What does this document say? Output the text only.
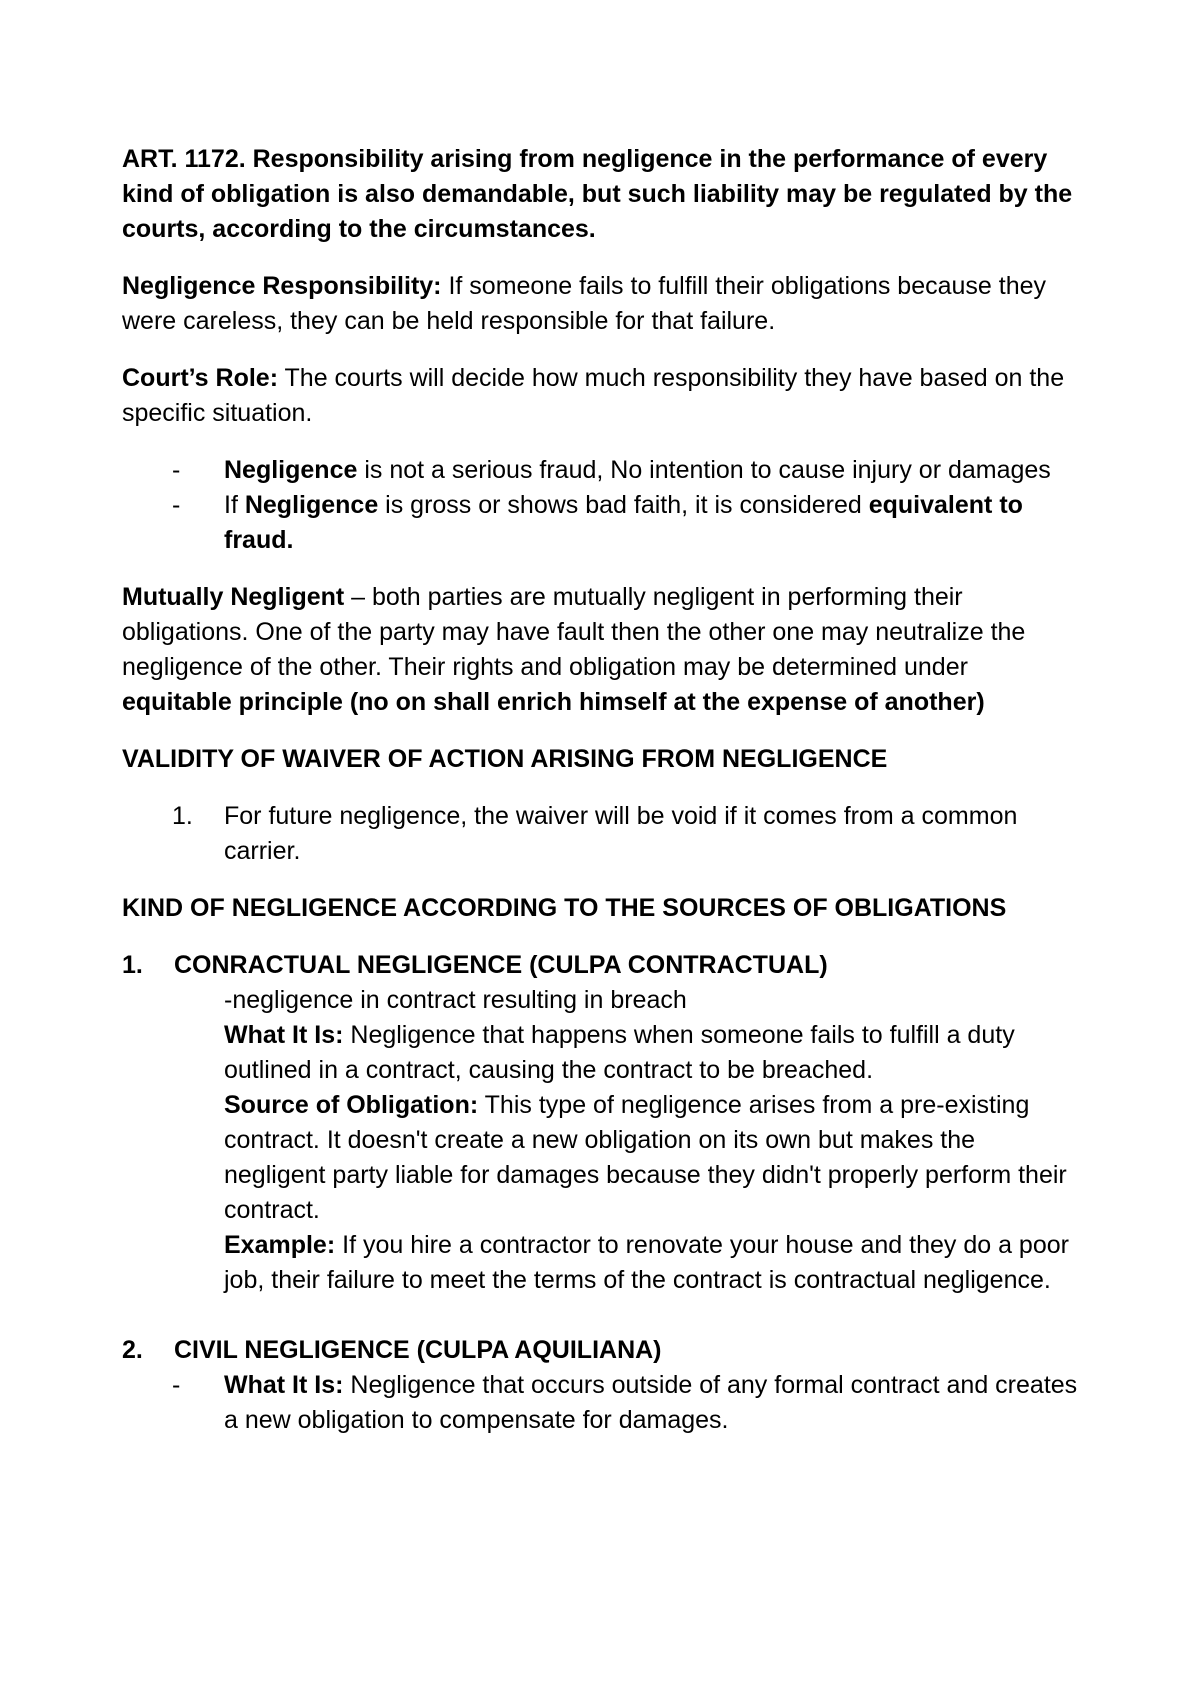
ART. 1172. Responsibility arising from negligence in the performance of every kind of obligation is also demandable, but such liability may be regulated by the courts, according to the circumstances.

Negligence Responsibility: If someone fails to fulfill their obligations because they were careless, they can be held responsible for that failure.

Court’s Role: The courts will decide how much responsibility they have based on the specific situation.

- Negligence is not a serious fraud, No intention to cause injury or damages
- If Negligence is gross or shows bad faith, it is considered equivalent to fraud.

Mutually Negligent – both parties are mutually negligent in performing their obligations. One of the party may have fault then the other one may neutralize the negligence of the other. Their rights and obligation may be determined under equitable principle (no on shall enrich himself at the expense of another)

VALIDITY OF WAIVER OF ACTION ARISING FROM NEGLIGENCE
1. For future negligence, the waiver will be void if it comes from a common carrier.
KIND OF NEGLIGENCE ACCORDING TO THE SOURCES OF OBLIGATIONS
1. CONRACTUAL NEGLIGENCE (CULPA CONTRACTUAL)
-negligence in contract resulting in breach
What It Is: Negligence that happens when someone fails to fulfill a duty outlined in a contract, causing the contract to be breached.
Source of Obligation: This type of negligence arises from a pre-existing contract. It doesn't create a new obligation on its own but makes the negligent party liable for damages because they didn't properly perform their contract.
Example: If you hire a contractor to renovate your house and they do a poor job, their failure to meet the terms of the contract is contractual negligence.
2. CIVIL NEGLIGENCE (CULPA AQUILIANA)
- What It Is: Negligence that occurs outside of any formal contract and creates a new obligation to compensate for damages.
